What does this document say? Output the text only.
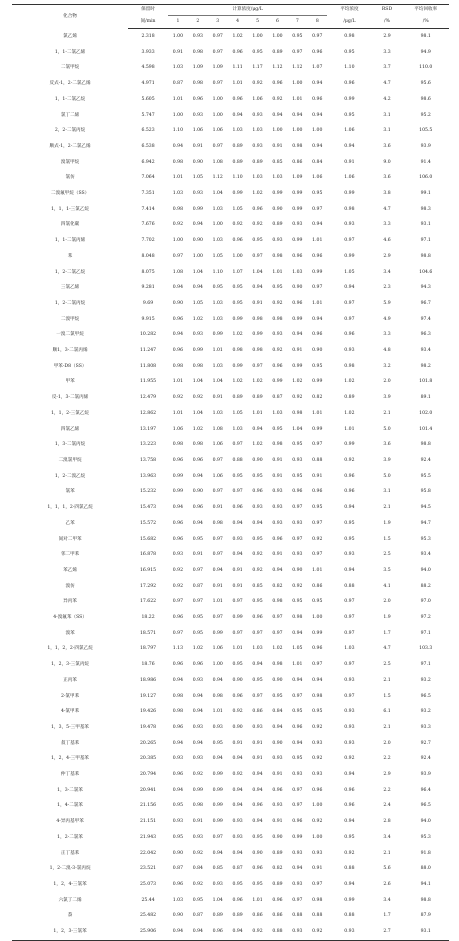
化合物	保留时	计算浓度/μg/L								平均浓度	RSD	平均回收率
	间/min	1	2	3	4	5	6	7	8	/μg/L	/%	/%
氯乙烯	2.318	1.00	0.93	0.97	1.02	1.00	1.00	0.95	0.97	0.98	2.9	98.1
1，1-二氯乙烯	3.933	0.91	0.98	0.97	0.96	0.95	0.89	0.97	0.96	0.95	3.3	94.9
二氯甲烷	4.598	1.03	1.09	1.09	1.11	1.17	1.12	1.12	1.07	1.10	3.7	110.0
反式-1，2-二氯乙烯	4.971	0.87	0.98	0.97	1.01	0.92	0.96	1.00	0.94	0.96	4.7	95.6
1，1-二氯乙烷	5.605	1.01	0.96	1.00	0.96	1.06	0.92	1.01	0.96	0.99	4.2	98.6
氯丁二烯	5.747	1.00	0.93	1.00	0.94	0.93	0.94	0.94	0.94	0.95	3.1	95.2
2，2-二氯丙烷	6.523	1.10	1.06	1.06	1.03	1.03	1.00	1.00	1.00	1.06	3.1	105.5
顺式-1，2-二氯乙烯	6.538	0.94	0.91	0.97	0.89	0.93	0.91	0.98	0.94	0.94	3.6	93.9
溴氯甲烷	6.942	0.98	0.90	1.08	0.89	0.89	0.85	0.86	0.84	0.91	9.0	91.4
氯仿	7.064	1.01	1.05	1.12	1.10	1.03	1.03	1.09	1.06	1.06	3.6	106.0
二溴氟甲烷（SS）	7.351	1.03	0.93	1.04	0.99	1.02	0.99	0.99	0.95	0.99	3.8	99.1
1，1，1-三氯乙烷	7.414	0.98	0.99	1.03	1.05	0.96	0.90	0.99	0.97	0.98	4.7	98.3
四氯化碳	7.676	0.92	0.94	1.00	0.92	0.92	0.89	0.93	0.94	0.93	3.3	93.1
1，1-二氯丙烯	7.702	1.00	0.90	1.03	0.96	0.95	0.93	0.99	1.01	0.97	4.6	97.1
苯	8.048	0.97	1.00	1.05	1.00	0.97	0.98	0.96	0.96	0.99	2.9	98.8
1，2-二氯乙烷	8.075	1.08	1.04	1.10	1.07	1.04	1.01	1.03	0.99	1.05	3.4	104.6
三氯乙烯	9.281	0.94	0.94	0.95	0.95	0.94	0.95	0.90	0.97	0.94	2.3	94.3
1，2-二氯丙烷	9.69	0.90	1.05	1.03	0.95	0.91	0.92	0.96	1.01	0.97	5.9	96.7
二溴甲烷	9.915	0.96	1.02	1.03	0.99	0.98	0.98	0.99	0.94	0.97	4.9	97.4
一溴二氯甲烷	10.282	0.94	0.93	0.99	1.02	0.99	0.93	0.94	0.96	0.96	3.3	96.3
顺1，3-二氯丙烯	11.247	0.96	0.99	1.01	0.98	0.98	0.92	0.91	0.90	0.93	4.8	93.4
甲苯-D8（SS）	11.808	0.98	0.98	1.03	0.99	0.97	0.96	0.99	0.95	0.98	3.2	98.2
甲苯	11.955	1.01	1.04	1.04	1.02	1.02	0.99	1.02	0.99	1.02	2.0	101.8
反-1，3-二氯丙烯	12.479	0.92	0.92	0.91	0.89	0.89	0.87	0.92	0.82	0.89	3.9	89.1
1，1，2-三氯乙烷	12.862	1.01	1.04	1.03	1.05	1.01	1.03	0.98	1.01	1.02	2.1	102.0
四氯乙烯	13.197	1.06	1.02	1.08	1.03	0.94	0.95	1.04	0.99	1.01	5.0	101.4
1，3-二氯丙烷	13.223	0.98	0.98	1.06	0.97	1.02	0.98	0.95	0.97	0.99	3.6	98.8
二溴氯甲烷	13.758	0.96	0.96	0.97	0.88	0.90	0.91	0.93	0.88	0.92	3.9	92.4
1，2-二溴乙烷	13.963	0.99	0.94	1.06	0.95	0.95	0.91	0.95	0.91	0.96	5.0	95.5
氯苯	15.232	0.99	0.90	0.97	0.97	0.96	0.93	0.96	0.96	0.96	3.1	95.8
1，1，1，2-四氯乙烷	15.473	0.94	0.96	0.91	0.96	0.93	0.93	0.97	0.95	0.94	2.1	94.5
乙苯	15.572	0.96	0.94	0.98	0.94	0.94	0.93	0.93	0.97	0.95	1.9	94.7
间对二甲苯	15.682	0.96	0.95	0.97	0.93	0.95	0.96	0.97	0.92	0.95	1.5	95.3
邻二甲苯	16.878	0.93	0.91	0.97	0.94	0.92	0.91	0.93	0.97	0.93	2.5	93.4
苯乙烯	16.915	0.92	0.97	0.94	0.91	0.92	0.94	0.90	1.01	0.94	3.5	94.0
溴仿	17.292	0.92	0.87	0.91	0.91	0.85	0.82	0.92	0.86	0.88	4.1	88.2
异丙苯	17.622	0.97	0.97	1.01	0.97	0.95	0.98	0.95	0.95	0.97	2.0	97.0
4-溴氟苯（SS）	18.22	0.96	0.95	0.97	0.99	0.96	0.97	0.98	1.00	0.97	1.9	97.2
溴苯	18.571	0.97	0.95	0.99	0.97	0.97	0.97	0.94	0.99	0.97	1.7	97.1
1，1，2，2-四氯乙烷	18.797	1.13	1.02	1.06	1.01	1.03	1.02	1.05	0.96	1.03	4.7	103.3
1，2，3-三氯丙烷	18.76	0.96	0.96	1.00	0.95	0.94	0.98	1.01	0.97	0.97	2.5	97.1
正丙苯	18.986	0.94	0.93	0.94	0.90	0.95	0.90	0.94	0.94	0.93	2.1	93.2
2-氯甲苯	19.127	0.98	0.94	0.98	0.96	0.97	0.95	0.97	0.98	0.97	1.5	96.5
4-氯甲苯	19.426	0.98	0.94	1.01	0.92	0.86	0.84	0.95	0.95	0.93	6.1	93.2
1，3，5-三甲基苯	19.478	0.96	0.93	0.93	0.90	0.93	0.94	0.96	0.92	0.93	2.1	93.3
叔丁基苯	20.265	0.94	0.94	0.95	0.91	0.91	0.90	0.94	0.93	0.93	2.0	92.7
1，2，4-三甲基苯	20.385	0.93	0.93	0.94	0.94	0.91	0.93	0.95	0.92	0.92	2.2	92.4
仲丁基苯	20.794	0.96	0.92	0.99	0.92	0.94	0.91	0.93	0.93	0.94	2.9	93.9
1，3-二氯苯	20.941	0.94	0.99	0.99	0.94	0.94	0.96	0.97	0.96	0.96	2.2	96.4
1，4-二氯苯	21.156	0.95	0.98	0.99	0.94	0.96	0.93	0.97	1.00	0.96	2.4	96.5
4-异丙基甲苯	21.151	0.93	0.91	0.99	0.93	0.94	0.91	0.96	0.92	0.94	2.8	94.0
1，2-二氯苯	21.943	0.95	0.93	0.97	0.93	0.95	0.90	0.99	1.00	0.95	3.4	95.3
正丁基苯	22.042	0.90	0.92	0.94	0.94	0.90	0.89	0.93	0.93	0.92	2.1	91.8
1，2-二溴-3-氯丙烷	23.521	0.87	0.84	0.85	0.87	0.96	0.82	0.94	0.91	0.88	5.6	88.0
1，2，4-三氯苯	25.073	0.96	0.92	0.93	0.95	0.95	0.89	0.93	0.97	0.94	2.6	94.1
六氯丁二烯	25.44	1.03	0.95	1.04	0.96	1.01	0.96	0.97	0.98	0.99	3.4	98.8
萘	25.482	0.90	0.87	0.89	0.89	0.86	0.86	0.88	0.88	0.88	1.7	87.9
1，2，3-三氯苯	25.906	0.94	0.94	0.96	0.94	0.92	0.88	0.93	0.92	0.93	2.7	93.1
